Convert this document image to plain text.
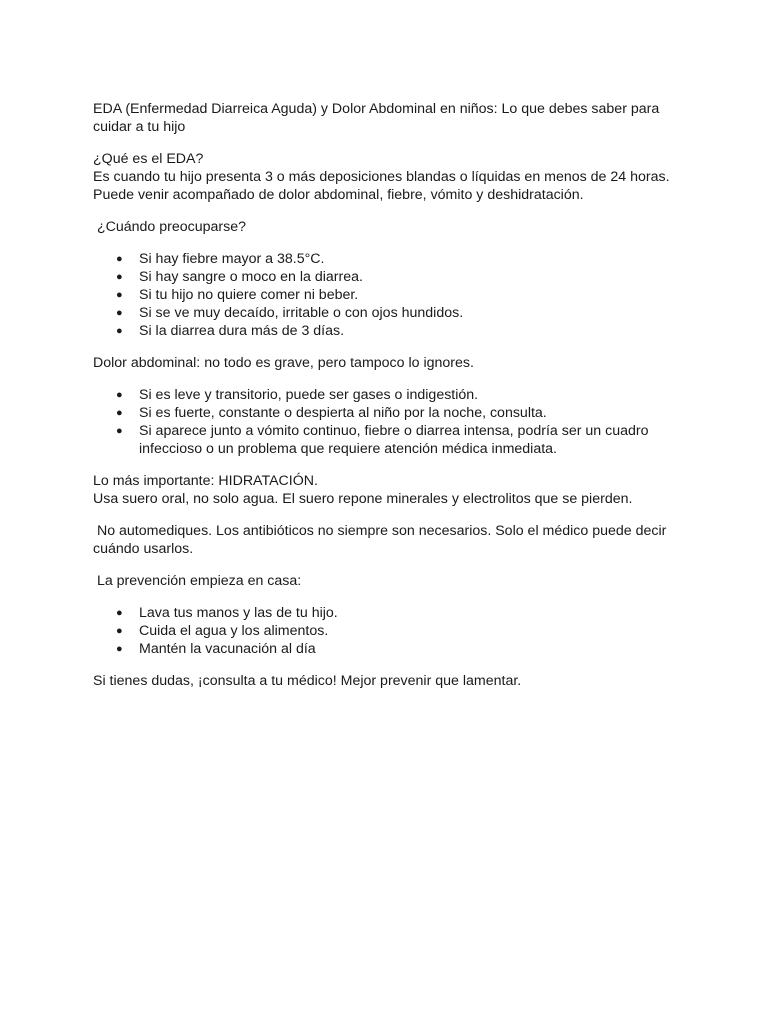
EDA (Enfermedad Diarreica Aguda) y Dolor Abdominal en niños: Lo que debes saber para cuidar a tu hijo

¿Qué es el EDA?

Es cuando tu hijo presenta 3 o más deposiciones blandas o líquidas en menos de 24 horas.

Puede venir acompañado de dolor abdominal, fiebre, vómito y deshidratación.

¿Cuándo preocuparse?

● Si hay fiebre mayor a 38.5°C.
● Si hay sangre o moco en la diarrea.
● Si tu hijo no quiere comer ni beber.
● Si se ve muy decaído, irritable o con ojos hundidos.
● Si la diarrea dura más de 3 días.

Dolor abdominal: no todo es grave, pero tampoco lo ignores.

● Si es leve y transitorio, puede ser gases o indigestión.
● Si es fuerte, constante o despierta al niño por la noche, consulta.
● Si aparece junto a vómito continuo, fiebre o diarrea intensa, podría ser un cuadro infeccioso o un problema que requiere atención médica inmediata.

Lo más importante: HIDRATACIÓN.

Usa suero oral, no solo agua. El suero repone minerales y electrolitos que se pierden.

No automediques. Los antibióticos no siempre son necesarios. Solo el médico puede decir cuándo usarlos.

La prevención empieza en casa:

● Lava tus manos y las de tu hijo.
● Cuida el agua y los alimentos.
● Mantén la vacunación al día

Si tienes dudas, ¡consulta a tu médico! Mejor prevenir que lamentar.
